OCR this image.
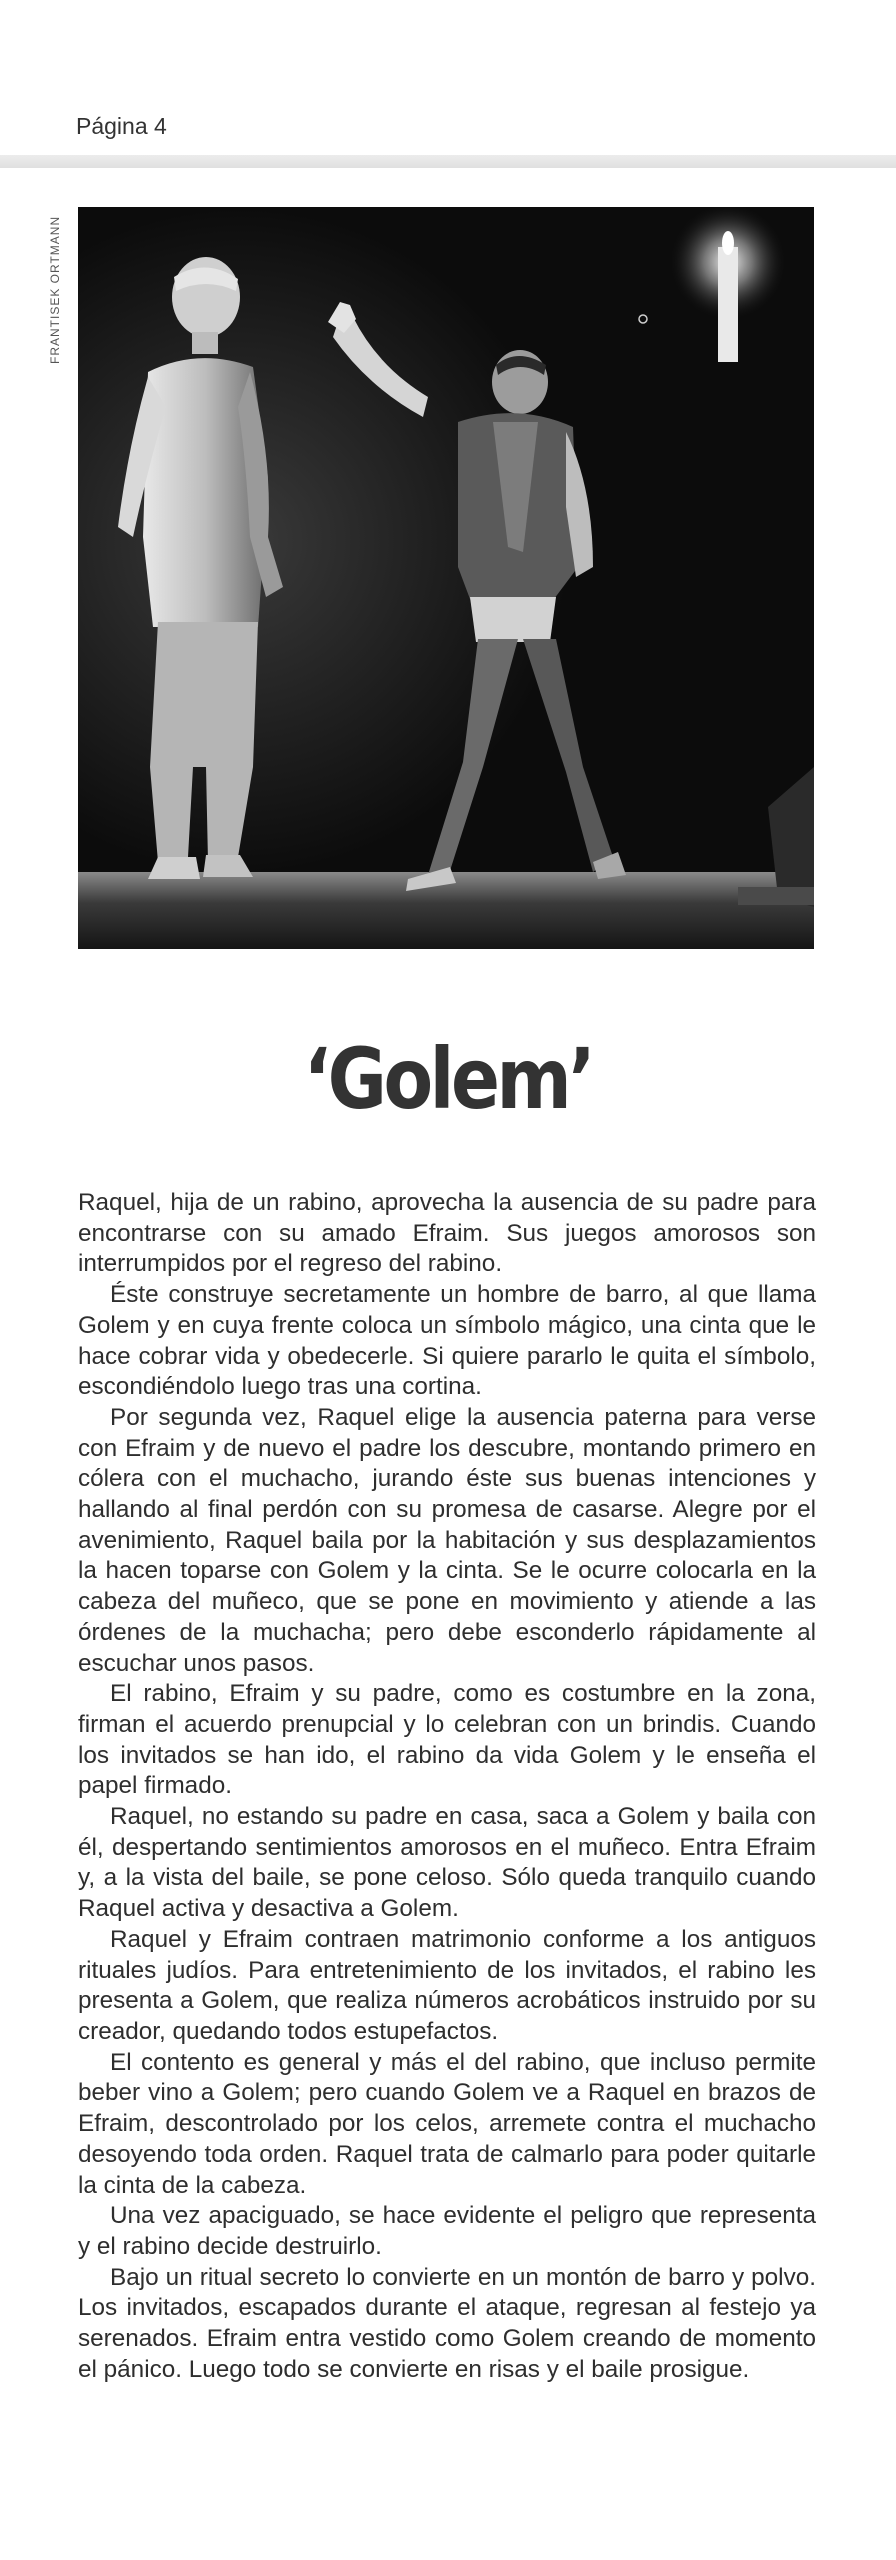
Página 4
FRANTISEK ORTMANN
‘Golem’

Raquel, hija de un rabino, aprovecha la ausencia de su padre para encontrarse con su amado Efraim. Sus juegos amorosos son interrumpidos por el regreso del rabino.

Éste construye secretamente un hombre de barro, al que llama Golem y en cuya frente coloca un símbolo mágico, una cinta que le hace cobrar vida y obedecerle. Si quiere pararlo le quita el símbolo, escondiéndolo luego tras una cortina.

Por segunda vez, Raquel elige la ausencia paterna para verse con Efraim y de nuevo el padre los descubre, montando primero en cólera con el muchacho, jurando éste sus buenas intenciones y hallando al final perdón con su promesa de casarse. Alegre por el avenimiento, Raquel baila por la habitación y sus desplazamientos la hacen toparse con Golem y la cinta. Se le ocurre colocarla en la cabeza del muñeco, que se pone en movimiento y atiende a las órdenes de la muchacha; pero debe esconderlo rápidamente al escuchar unos pasos.

El rabino, Efraim y su padre, como es costumbre en la zona, firman el acuerdo prenupcial y lo celebran con un brindis. Cuando los invitados se han ido, el rabino da vida Golem y le enseña el papel firmado.

Raquel, no estando su padre en casa, saca a Golem y baila con él, despertando sentimientos amorosos en el muñeco. Entra Efraim y, a la vista del baile, se pone celoso. Sólo queda tranquilo cuando Raquel activa y desactiva a Golem.

Raquel y Efraim contraen matrimonio conforme a los antiguos rituales judíos. Para entretenimiento de los invitados, el rabino les presenta a Golem, que realiza números acrobáticos instruido por su creador, quedando todos estupefactos.

El contento es general y más el del rabino, que incluso permite beber vino a Golem; pero cuando Golem ve a Raquel en brazos de Efraim, descontrolado por los celos, arremete contra el muchacho desoyendo toda orden. Raquel trata de calmarlo para poder quitarle la cinta de la cabeza.

Una vez apaciguado, se hace evidente el peligro que representa y el rabino decide destruirlo.

Bajo un ritual secreto lo convierte en un montón de barro y polvo. Los invitados, escapados durante el ataque, regresan al festejo ya serenados. Efraim entra vestido como Golem creando de momento el pánico. Luego todo se convierte en risas y el baile prosigue.
